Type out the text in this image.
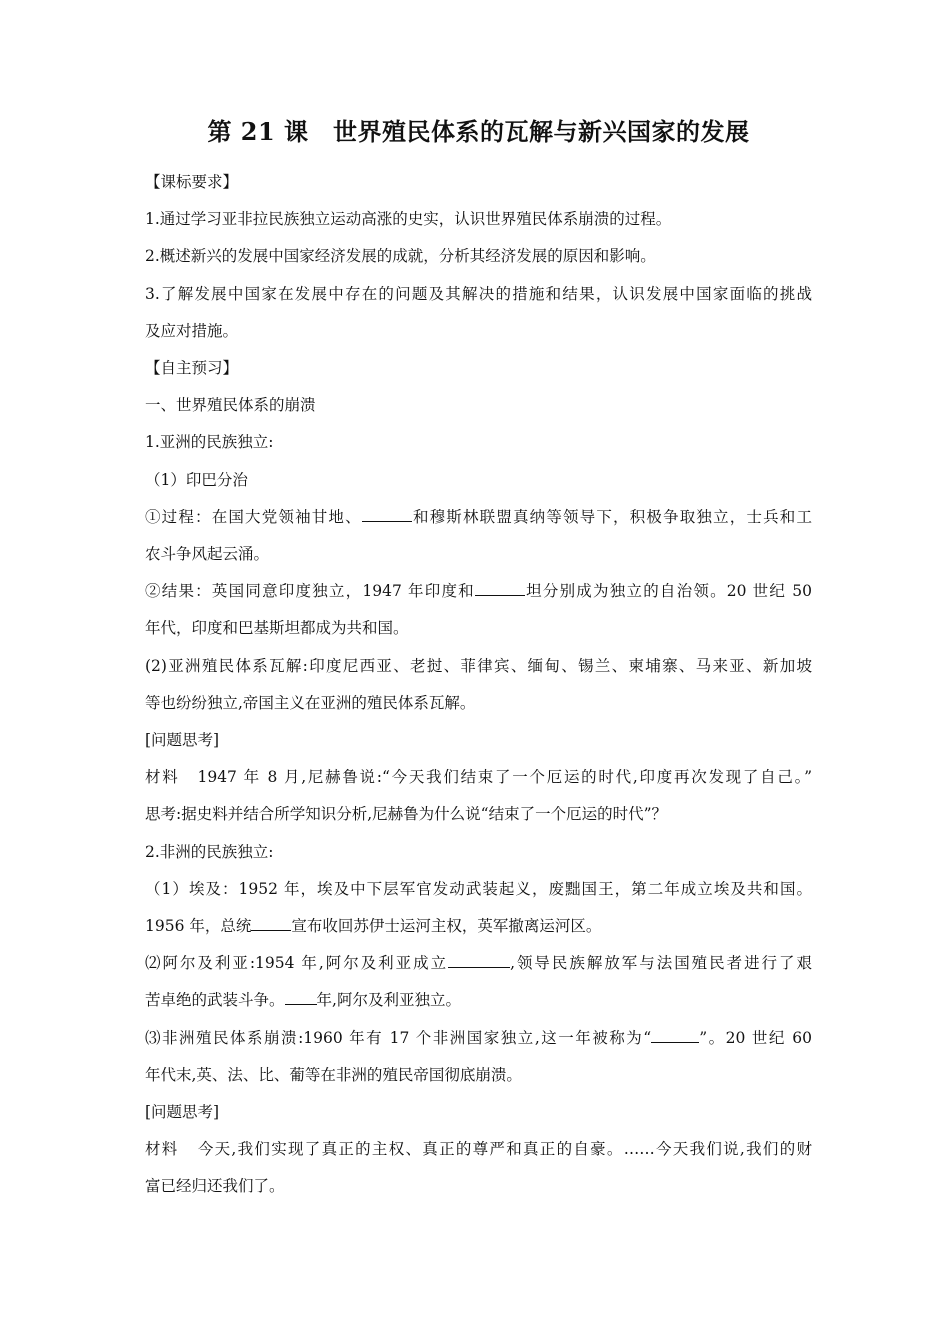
第 21 课　世界殖民体系的瓦解与新兴国家的发展

【课标要求】

1.通过学习亚非拉民族独立运动高涨的史实，认识世界殖民体系崩溃的过程。

2.概述新兴的发展中国家经济发展的成就，分析其经济发展的原因和影响。

3.了解发展中国家在发展中存在的问题及其解决的措施和结果，认识发展中国家面临的挑战

及应对措施。

【自主预习】

一、世界殖民体系的崩溃

1.亚洲的民族独立:

（1）印巴分治

①过程：在国大党领袖甘地、	和穆斯林联盟真纳等领导下，积极争取独立，士兵和工

农斗争风起云涌。

②结果：英国同意印度独立，1947 年印度和	坦分别成为独立的自治领。20 世纪 50

年代，印度和巴基斯坦都成为共和国。

(2)亚洲殖民体系瓦解:印度尼西亚、老挝、菲律宾、缅甸、锡兰、柬埔寨、马来亚、新加坡

等也纷纷独立,帝国主义在亚洲的殖民体系瓦解。

[问题思考]

材料 1947 年 8 月,尼赫鲁说:“今天我们结束了一个厄运的时代,印度再次发现了自己。”

思考:据史料并结合所学知识分析,尼赫鲁为什么说“结束了一个厄运的时代”？

2.非洲的民族独立:

（1）埃及：1952 年，埃及中下层军官发动武装起义，废黜国王，第二年成立埃及共和国。

1956 年，总统	宣布收回苏伊士运河主权，英军撤离运河区。

⑵阿尔及利亚:1954 年,阿尔及利亚成立	,领导民族解放军与法国殖民者进行了艰

苦卓绝的武装斗争。 年,阿尔及利亚独立。

⑶非洲殖民体系崩溃:1960 年有 17 个非洲国家独立,这一年被称为“	”。20 世纪 60

年代末,英、法、比、葡等在非洲的殖民帝国彻底崩溃。

[问题思考]

材料 今天,我们实现了真正的主权、真正的尊严和真正的自豪。……今天我们说,我们的财

富已经归还我们了。
